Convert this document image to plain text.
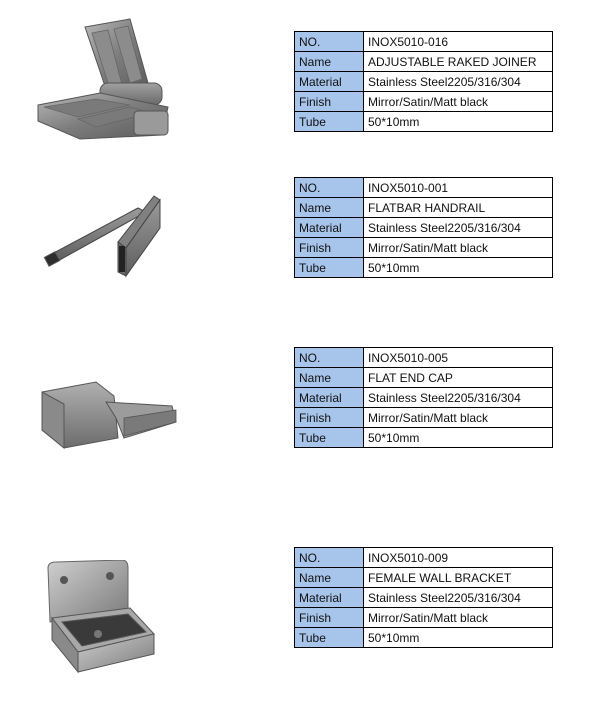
NO.	INOX5010-016
Name	ADJUSTABLE RAKED JOINER
Material	Stainless Steel2205/316/304
Finish	Mirror/Satin/Matt black
Tube	50*10mm
NO.	INOX5010-001
Name	FLATBAR HANDRAIL
Material	Stainless Steel2205/316/304
Finish	Mirror/Satin/Matt black
Tube	50*10mm
NO.	INOX5010-005
Name	FLAT END CAP
Material	Stainless Steel2205/316/304
Finish	Mirror/Satin/Matt black
Tube	50*10mm
NO.	INOX5010-009
Name	FEMALE WALL BRACKET
Material	Stainless Steel2205/316/304
Finish	Mirror/Satin/Matt black
Tube	50*10mm
